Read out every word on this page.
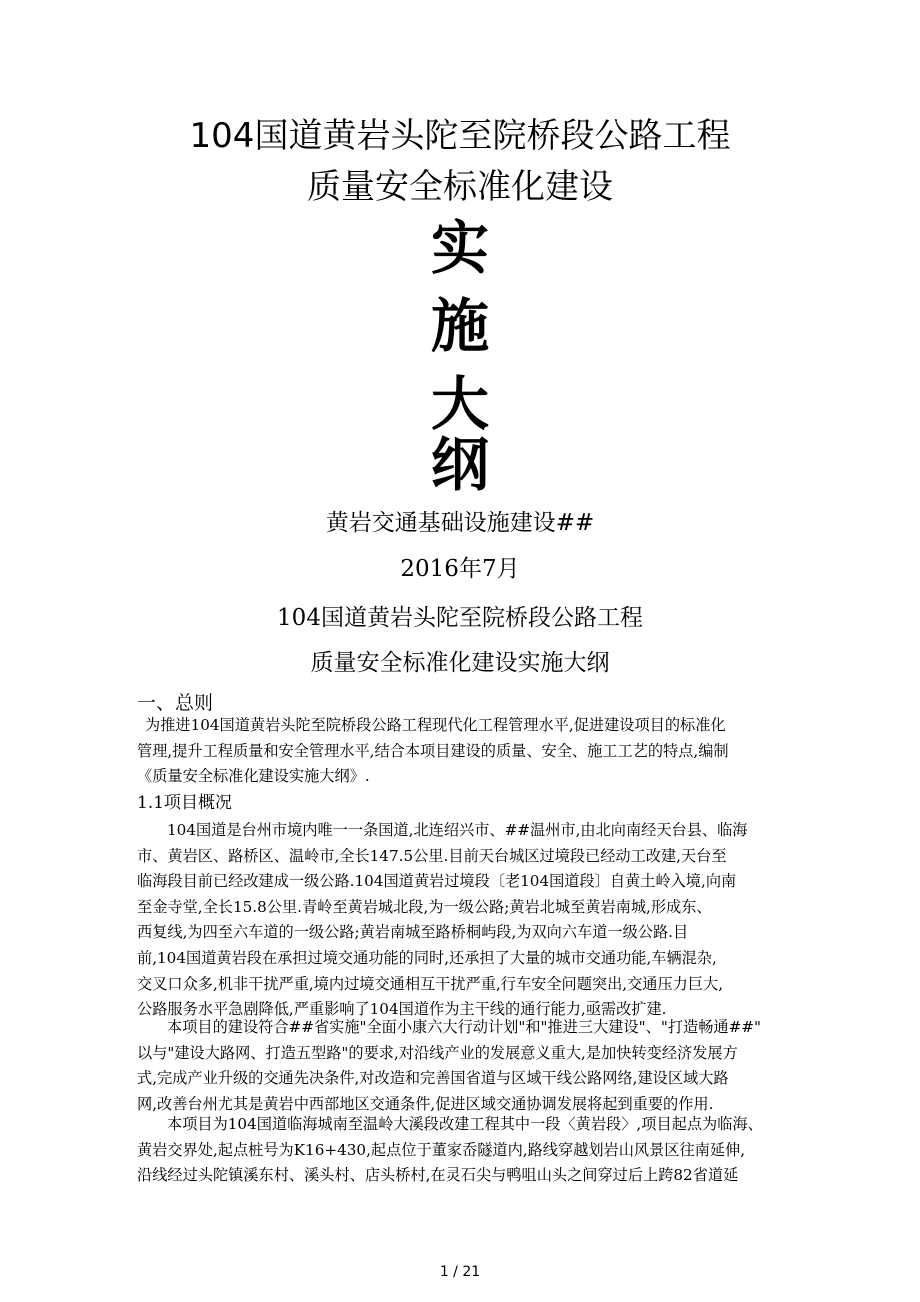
104国道黄岩头陀至院桥段公路工程
质量安全标准化建设
实
施
大
纲
黄岩交通基础设施建设##
2016年7月
104国道黄岩头陀至院桥段公路工程
质量安全标准化建设实施大纲
一、总则
为推进104国道黄岩头陀至院桥段公路工程现代化工程管理水平,促进建设项目的标准化
管理,提升工程质量和安全管理水平,结合本项目建设的质量、安全、施工工艺的特点,编制
《质量安全标准化建设实施大纲》.
1.1项目概况
104国道是台州市境内唯一一条国道,北连绍兴市、##温州市,由北向南经天台县、临海
市、黄岩区、路桥区、温岭市,全长147.5公里.目前天台城区过境段已经动工改建,天台至
临海段目前已经改建成一级公路.104国道黄岩过境段〔老104国道段〕自黄土岭入境,向南
至金寺堂,全长15.8公里.青岭至黄岩城北段,为一级公路;黄岩北城至黄岩南城,形成东、
西复线,为四至六车道的一级公路;黄岩南城至路桥桐屿段,为双向六车道一级公路.目
前,104国道黄岩段在承担过境交通功能的同时,还承担了大量的城市交通功能,车辆混杂,
交叉口众多,机非干扰严重,境内过境交通相互干扰严重,行车安全问题突出,交通压力巨大,
公路服务水平急剧降低,严重影响了104国道作为主干线的通行能力,亟需改扩建.
本项目的建设符合##省实施"全面小康六大行动计划"和"推进三大建设"、"打造畅通##"
以与"建设大路网、打造五型路"的要求,对沿线产业的发展意义重大,是加快转变经济发展方
式,完成产业升级的交通先决条件,对改造和完善国省道与区域干线公路网络,建设区域大路
网,改善台州尤其是黄岩中西部地区交通条件,促进区域交通协调发展将起到重要的作用.
本项目为104国道临海城南至温岭大溪段改建工程其中一段〈黄岩段〉,项目起点为临海、
黄岩交界处,起点桩号为K16+430,起点位于董家岙隧道内,路线穿越划岩山风景区往南延伸,
沿线经过头陀镇溪东村、溪头村、店头桥村,在灵石尖与鸭咀山头之间穿过后上跨82省道延
1 / 21
